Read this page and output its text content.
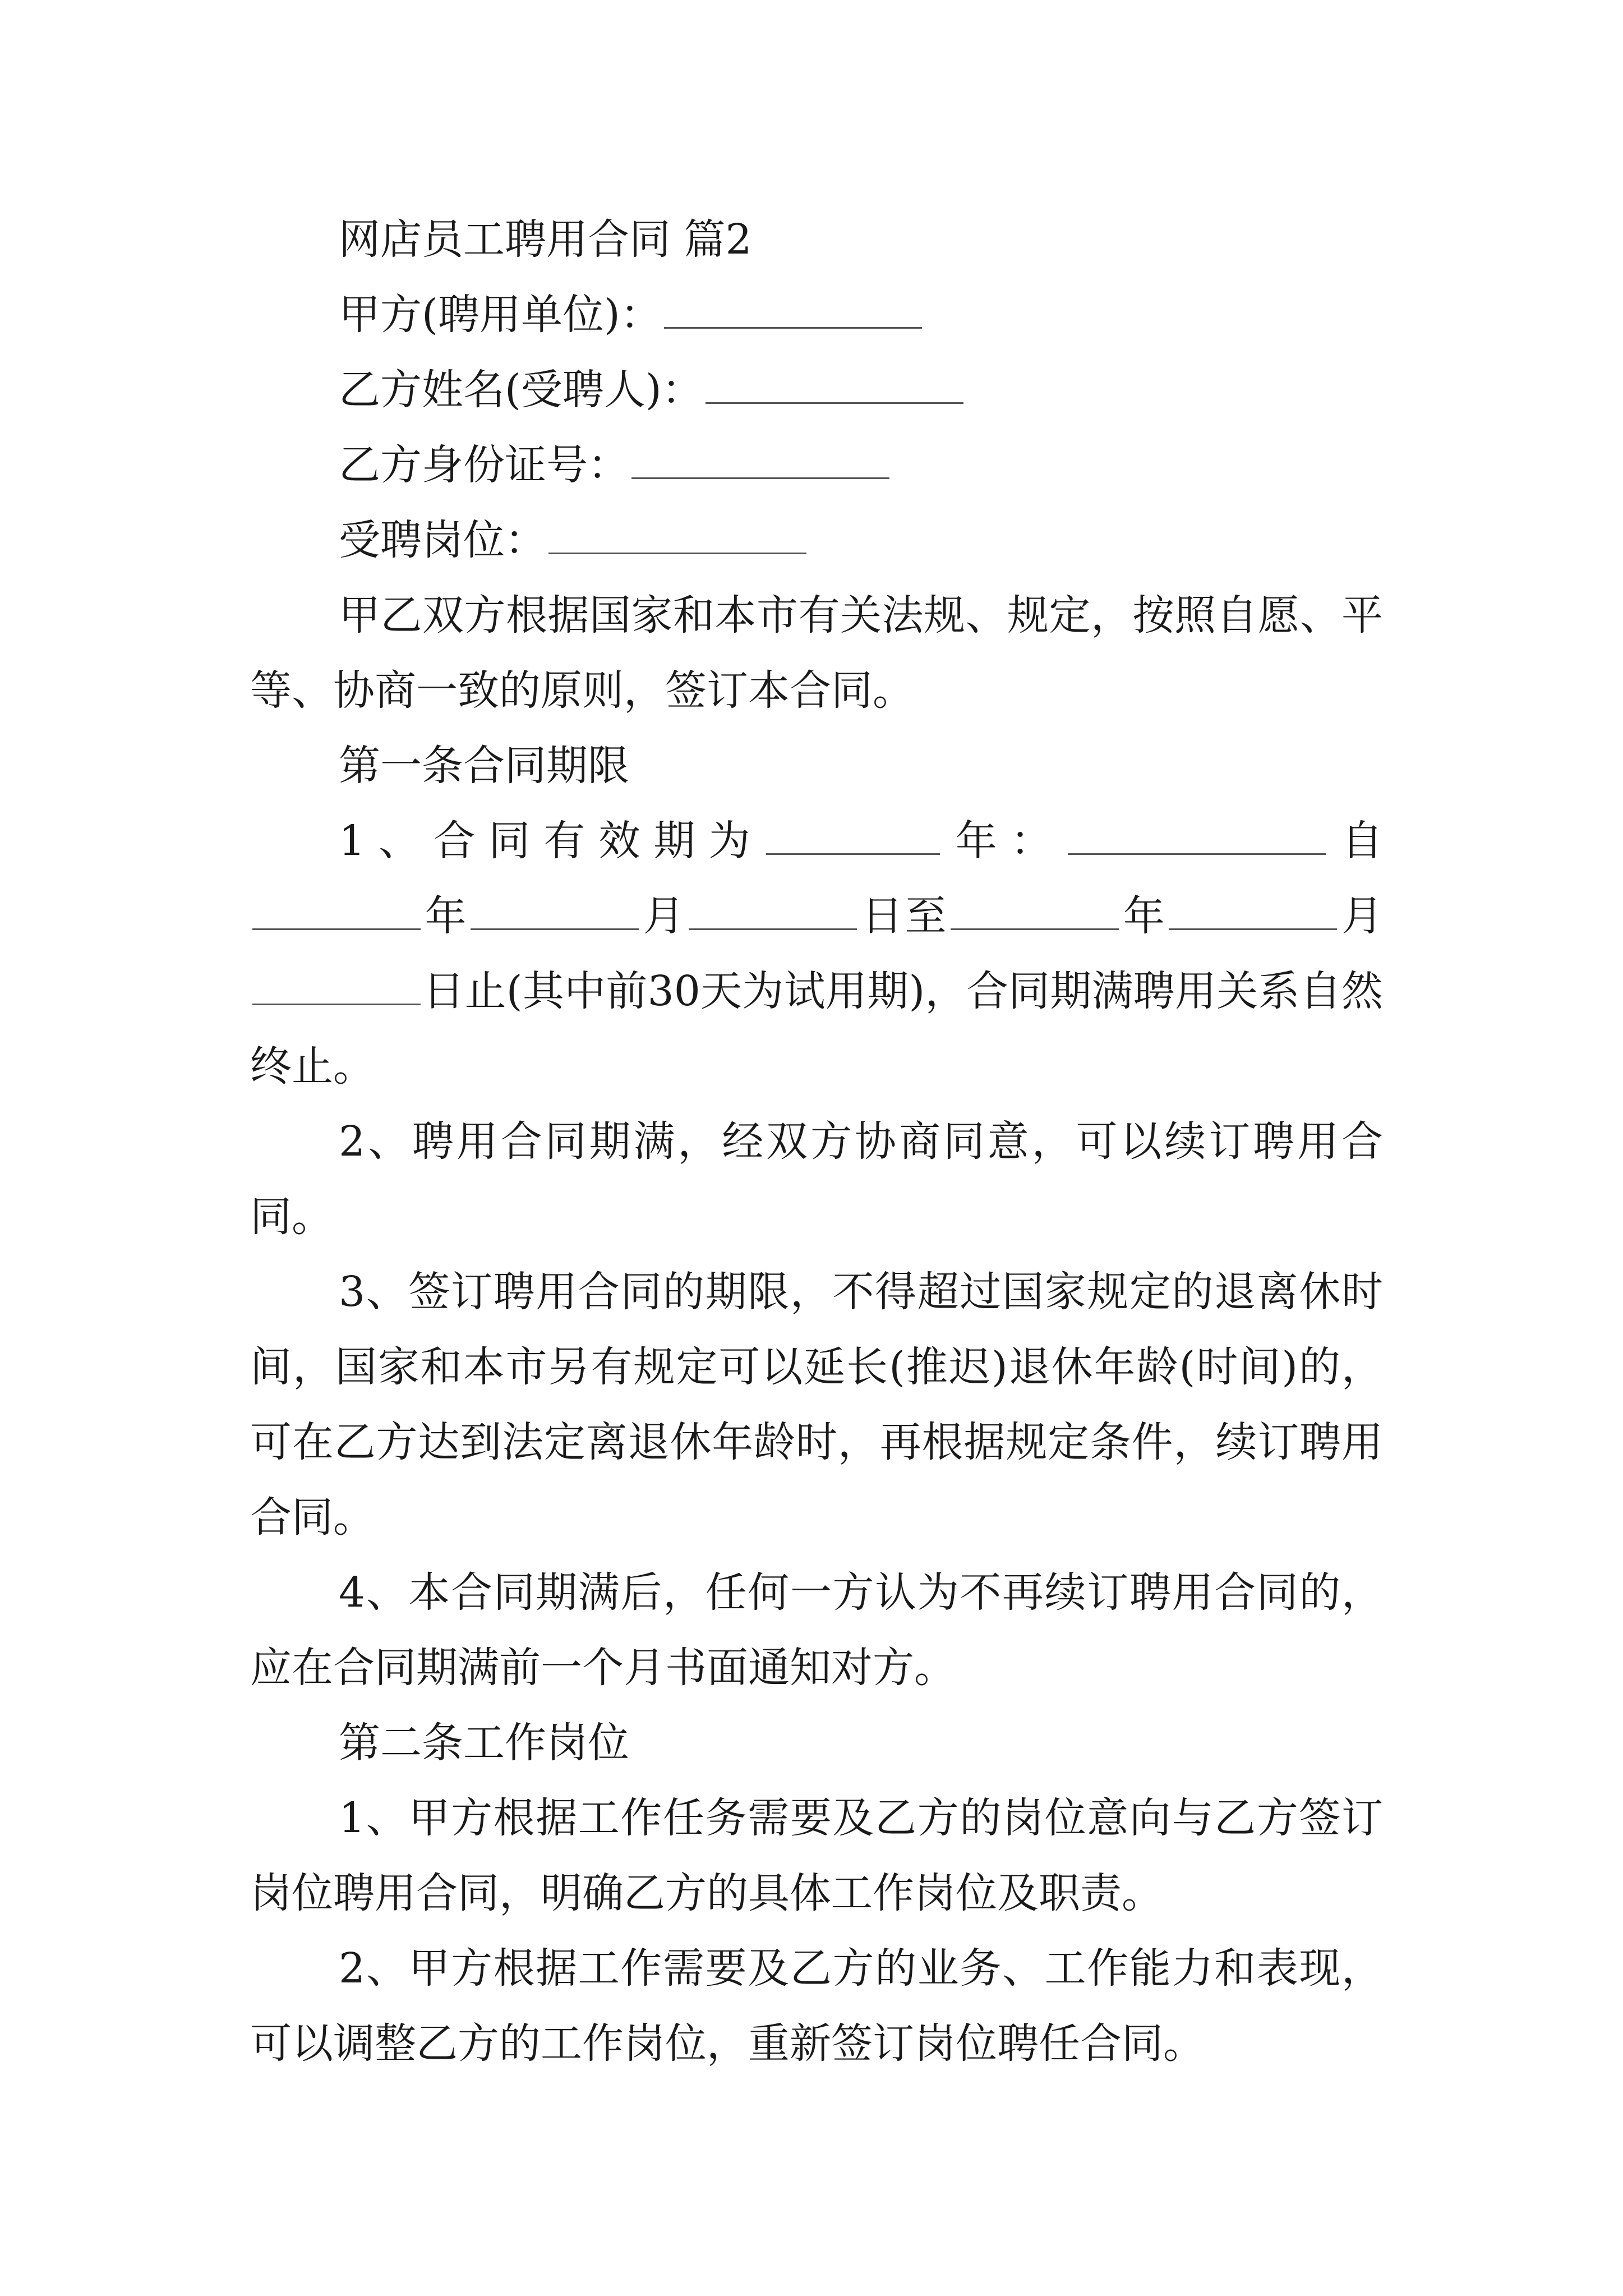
网店员工聘用合同 篇2

甲方(聘用单位)：

乙方姓名(受聘人)：

乙方身份证号：

受聘岗位：

甲乙双方根据国家和本市有关法规、规定，按照自愿、平等、协商一致的原则，签订本合同。

第一条合同期限

1、合同有效期为	年：	自年	月	日至	年	月日止(其中前30天为试用期)，合同期满聘用关系自然终止。

2、聘用合同期满，经双方协商同意，可以续订聘用合同。

3、签订聘用合同的期限，不得超过国家规定的退离休时间，国家和本市另有规定可以延长(推迟)退休年龄(时间)的，可在乙方达到法定离退休年龄时，再根据规定条件，续订聘用合同。

4、本合同期满后，任何一方认为不再续订聘用合同的，应在合同期满前一个月书面通知对方。

第二条工作岗位

1、甲方根据工作任务需要及乙方的岗位意向与乙方签订岗位聘用合同，明确乙方的具体工作岗位及职责。

2、甲方根据工作需要及乙方的业务、工作能力和表现，可以调整乙方的工作岗位，重新签订岗位聘任合同。
